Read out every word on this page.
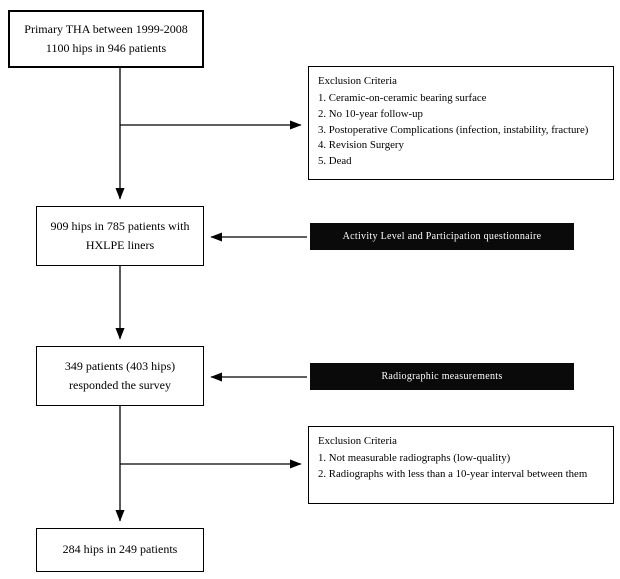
Primary THA between 1999-2008
1100 hips in 946 patients
Exclusion Criteria
1. Ceramic-on-ceramic bearing surface
2. No 10-year follow-up
3. Postoperative Complications (infection, instability, fracture)
4. Revision Surgery
5. Dead
909 hips in 785 patients with
HXLPE liners
Activity Level and Participation questionnaire
349 patients (403 hips)
responded the survey
Radiographic measurements
Exclusion Criteria
1. Not measurable radiographs (low-quality)
2. Radiographs with less than a 10-year interval between them
284 hips in 249 patients
